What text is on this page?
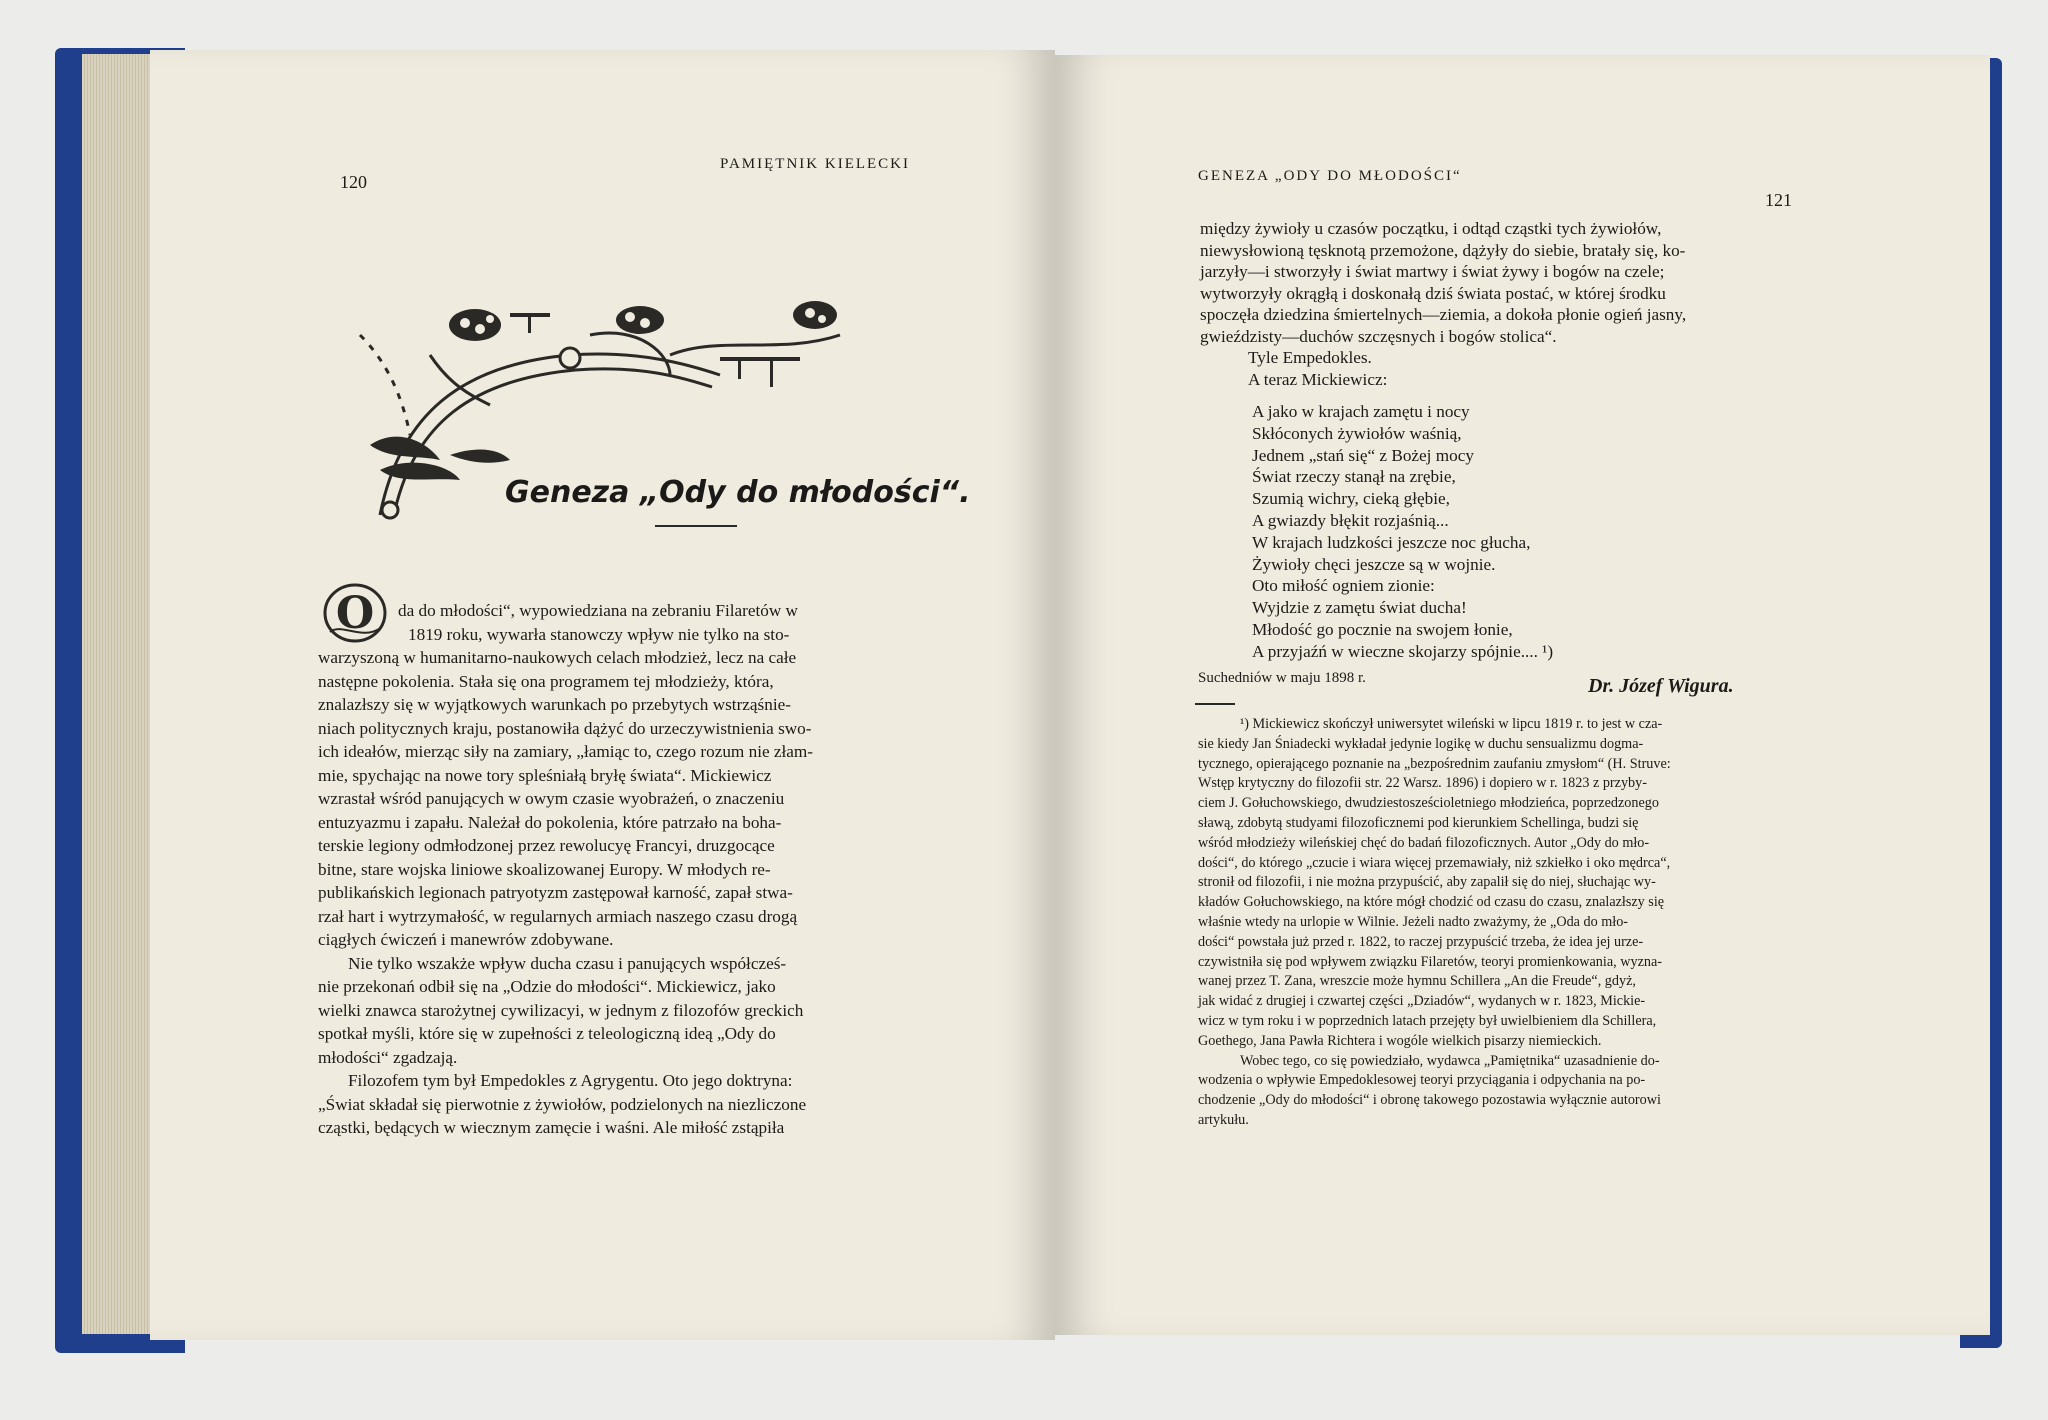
120
PAMIĘTNIK KIELECKI
Geneza „Ody do młodości“.
O	da do młodości“, wypowiedziana na zebraniu Filaretów w
1819 roku, wywarła stanowczy wpływ nie tylko na sto-
warzyszoną w humanitarno-naukowych celach młodzież, lecz na całe
następne pokolenia. Stała się ona programem tej młodzieży, która,
znalazłszy się w wyjątkowych warunkach po przebytych wstrząśnie-
niach politycznych kraju, postanowiła dążyć do urzeczywistnienia swo-
ich ideałów, mierząc siły na zamiary, „łamiąc to, czego rozum nie złam-
mie, spychając na nowe tory spleśniałą bryłę świata“. Mickiewicz
wzrastał wśród panujących w owym czasie wyobrażeń, o znaczeniu
entuzyazmu i zapału. Należał do pokolenia, które patrzało na boha-
terskie legiony odmłodzonej przez rewolucyę Francyi, druzgocące
bitne, stare wojska liniowe skoalizowanej Europy. W młodych re-
publikańskich legionach patryotyzm zastępował karność, zapał stwa-
rzał hart i wytrzymałość, w regularnych armiach naszego czasu drogą
ciągłych ćwiczeń i manewrów zdobywane.
Nie tylko wszakże wpływ ducha czasu i panujących współcześ-
nie przekonań odbił się na „Odzie do młodości“. Mickiewicz, jako
wielki znawca starożytnej cywilizacyi, w jednym z filozofów greckich
spotkał myśli, które się w zupełności z teleologiczną ideą „Ody do
młodości“ zgadzają.
Filozofem tym był Empedokles z Agrygentu. Oto jego doktryna:
„Świat składał się pierwotnie z żywiołów, podzielonych na niezliczone
cząstki, będących w wiecznym zamęcie i waśni. Ale miłość zstąpiła
GENEZA „ODY DO MŁODOŚCI“
121
między żywioły u czasów początku, i odtąd cząstki tych żywiołów,
niewysłowioną tęsknotą przemożone, dążyły do siebie, bratały się, ko-
jarzyły—i stworzyły i świat martwy i świat żywy i bogów na czele;
wytworzyły okrągłą i doskonałą dziś świata postać, w której środku
spoczęła dziedzina śmiertelnych—ziemia, a dokoła płonie ogień jasny,
gwieździsty—duchów szczęsnych i bogów stolica“.
Tyle Empedokles.
A teraz Mickiewicz:
A jako w krajach zamętu i nocy
Skłóconych żywiołów waśnią,
Jednem „stań się“ z Bożej mocy
Świat rzeczy stanął na zrębie,
Szumią wichry, cieką głębie,
A gwiazdy błękit rozjaśnią...
W krajach ludzkości jeszcze noc głucha,
Żywioły chęci jeszcze są w wojnie.
Oto miłość ogniem zionie:
Wyjdzie z zamętu świat ducha!
Młodość go pocznie na swojem łonie,
A przyjaźń w wieczne skojarzy spójnie.... ¹)
Suchedniów w maju 1898 r.	Dr. Józef Wigura.
¹) Mickiewicz skończył uniwersytet wileński w lipcu 1819 r. to jest w cza-
sie kiedy Jan Śniadecki wykładał jedynie logikę w duchu sensualizmu dogma-
tycznego, opierającego poznanie na „bezpośrednim zaufaniu zmysłom“ (H. Struve:
Wstęp krytyczny do filozofii str. 22 Warsz. 1896) i dopiero w r. 1823 z przyby-
ciem J. Gołuchowskiego, dwudziestosześcioletniego młodzieńca, poprzedzonego
sławą, zdobytą studyami filozoficznemi pod kierunkiem Schellinga, budzi się
wśród młodzieży wileńskiej chęć do badań filozoficznych. Autor „Ody do mło-
dości“, do którego „czucie i wiara więcej przemawiały, niż szkiełko i oko mędrca“,
stronił od filozofii, i nie można przypuścić, aby zapalił się do niej, słuchając wy-
kładów Gołuchowskiego, na które mógł chodzić od czasu do czasu, znalazłszy się
właśnie wtedy na urlopie w Wilnie. Jeżeli nadto zważymy, że „Oda do mło-
dości“ powstała już przed r. 1822, to raczej przypuścić trzeba, że idea jej urze-
czywistniła się pod wpływem związku Filaretów, teoryi promienkowania, wyzna-
wanej przez T. Zana, wreszcie może hymnu Schillera „An die Freude“, gdyż,
jak widać z drugiej i czwartej części „Dziadów“, wydanych w r. 1823, Mickie-
wicz w tym roku i w poprzednich latach przejęty był uwielbieniem dla Schillera,
Goethego, Jana Pawła Richtera i wogóle wielkich pisarzy niemieckich.
Wobec tego, co się powiedziało, wydawca „Pamiętnika“ uzasadnienie do-
wodzenia o wpływie Empedoklesowej teoryi przyciągania i odpychania na po-
chodzenie „Ody do młodości“ i obronę takowego pozostawia wyłącznie autorowi
artykułu.
